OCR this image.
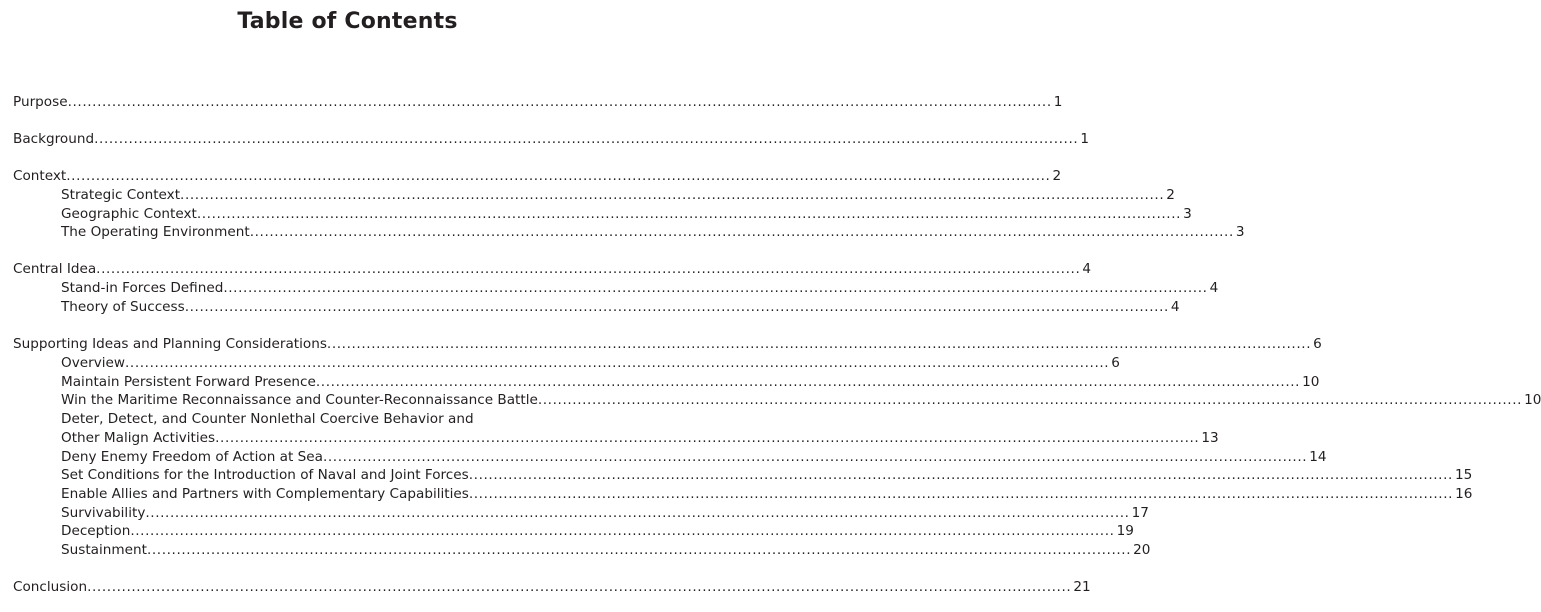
Table of Contents
Purpose ........................................................................................................................................................................................................ 1
Background ........................................................................................................................................................................................................ 1
Context ........................................................................................................................................................................................................ 2
Strategic Context ........................................................................................................................................................................................................ 2
Geographic Context ........................................................................................................................................................................................................ 3
The Operating Environment ........................................................................................................................................................................................................ 3
Central Idea ........................................................................................................................................................................................................ 4
Stand-in Forces Defined ........................................................................................................................................................................................................ 4
Theory of Success ........................................................................................................................................................................................................ 4
Supporting Ideas and Planning Considerations ........................................................................................................................................................................................................ 6
Overview ........................................................................................................................................................................................................ 6
Maintain Persistent Forward Presence ........................................................................................................................................................................................................ 10
Win the Maritime Reconnaissance and Counter-Reconnaissance Battle ........................................................................................................................................................................................................ 10
Deter, Detect, and Counter Nonlethal Coercive Behavior and
Other Malign Activities ........................................................................................................................................................................................................ 13
Deny Enemy Freedom of Action at Sea ........................................................................................................................................................................................................ 14
Set Conditions for the Introduction of Naval and Joint Forces ........................................................................................................................................................................................................ 15
Enable Allies and Partners with Complementary Capabilities ........................................................................................................................................................................................................ 16
Survivability ........................................................................................................................................................................................................ 17
Deception ........................................................................................................................................................................................................ 19
Sustainment ........................................................................................................................................................................................................ 20
Conclusion ........................................................................................................................................................................................................ 21
